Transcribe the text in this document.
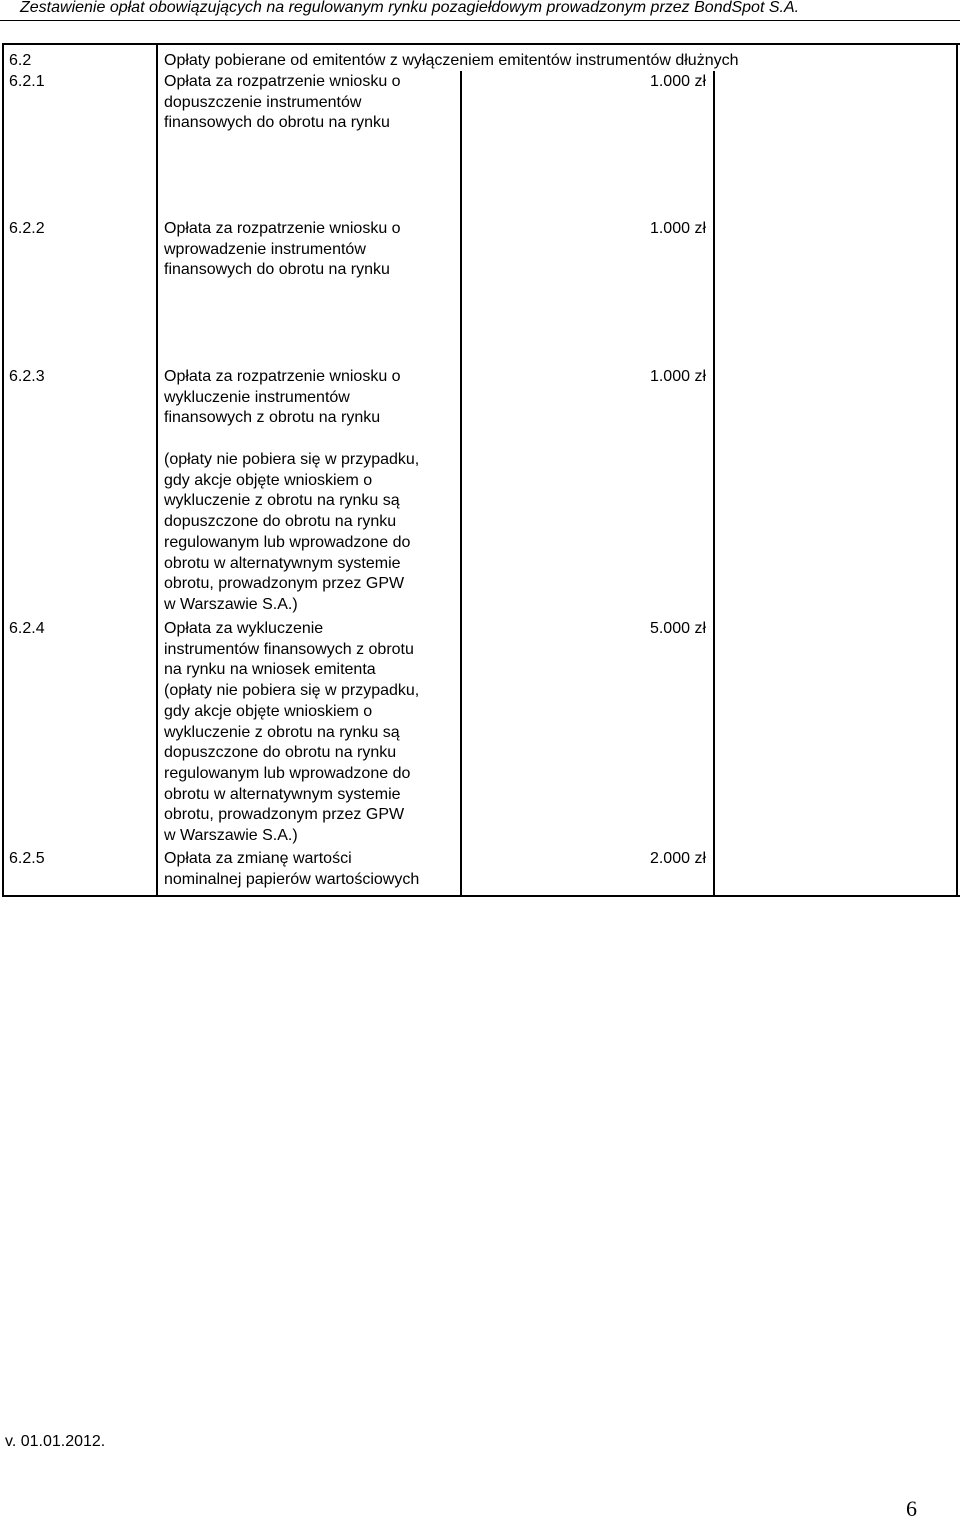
Zestawienie opłat obowiązujących na regulowanym rynku pozagiełdowym prowadzonym przez BondSpot S.A.
6.2	Opłaty pobierane od emitentów z wyłączeniem emitentów instrumentów dłużnych
6.2.1	Opłata za rozpatrzenie wniosku o
dopuszczenie instrumentów
finansowych do obrotu na rynku
1.000 zł
6.2.2	Opłata za rozpatrzenie wniosku o
wprowadzenie instrumentów
finansowych do obrotu na rynku
1.000 zł
6.2.3	Opłata za rozpatrzenie wniosku o
wykluczenie instrumentów
finansowych z obrotu na rynku
(opłaty nie pobiera się w przypadku,
gdy akcje objęte wnioskiem o
wykluczenie z obrotu na rynku są
dopuszczone do obrotu na rynku
regulowanym lub wprowadzone do
obrotu w alternatywnym systemie
obrotu, prowadzonym przez GPW
w Warszawie S.A.)
1.000 zł
6.2.4	Opłata za wykluczenie
instrumentów finansowych z obrotu
na rynku na wniosek emitenta
(opłaty nie pobiera się w przypadku,
gdy akcje objęte wnioskiem o
wykluczenie z obrotu na rynku są
dopuszczone do obrotu na rynku
regulowanym lub wprowadzone do
obrotu w alternatywnym systemie
obrotu, prowadzonym przez GPW
w Warszawie S.A.)
5.000 zł
6.2.5	Opłata za zmianę wartości
nominalnej papierów wartościowych
2.000 zł
v. 01.01.2012.
6
